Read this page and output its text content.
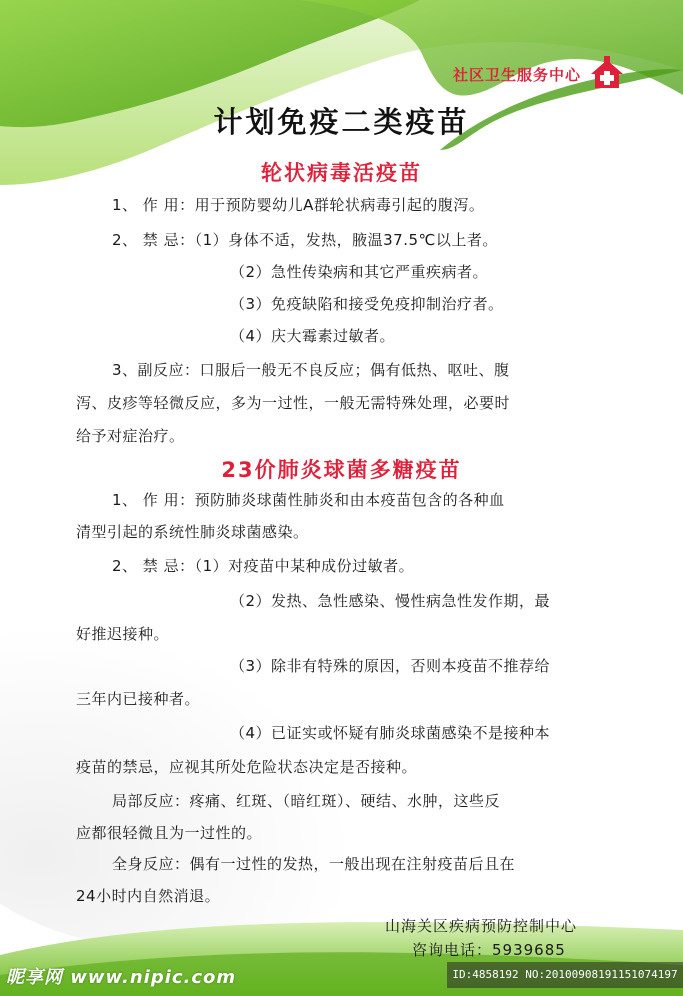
社区卫生服务中心
计划免疫二类疫苗
轮状病毒活疫苗
1、 作 用：用于预防婴幼儿A群轮状病毒引起的腹泻。
2、 禁 忌：（1）身体不适，发热，腋温37.5℃以上者。
（2）急性传染病和其它严重疾病者。
（3）免疫缺陷和接受免疫抑制治疗者。
（4）庆大霉素过敏者。
3、副反应：口服后一般无不良反应；偶有低热、呕吐、腹
泻、皮疹等轻微反应，多为一过性，一般无需特殊处理，必要时
给予对症治疗。
23价肺炎球菌多糖疫苗
1、 作 用：预防肺炎球菌性肺炎和由本疫苗包含的各种血
清型引起的系统性肺炎球菌感染。
2、 禁 忌：（1）对疫苗中某种成份过敏者。
（2）发热、急性感染、慢性病急性发作期，最
好推迟接种。
（3）除非有特殊的原因，否则本疫苗不推荐给
三年内已接种者。
（4）已证实或怀疑有肺炎球菌感染不是接种本
疫苗的禁忌，应视其所处危险状态决定是否接种。
局部反应：疼痛、红斑、（暗红斑）、硬结、水肿，这些反
应都很轻微且为一过性的。
全身反应：偶有一过性的发热，一般出现在注射疫苗后且在
24小时内自然消退。
山海关区疾病预防控制中心
咨询电话：5939685
昵享网 www.nipic.com	ID:4858192 NO:20100908191151074197
